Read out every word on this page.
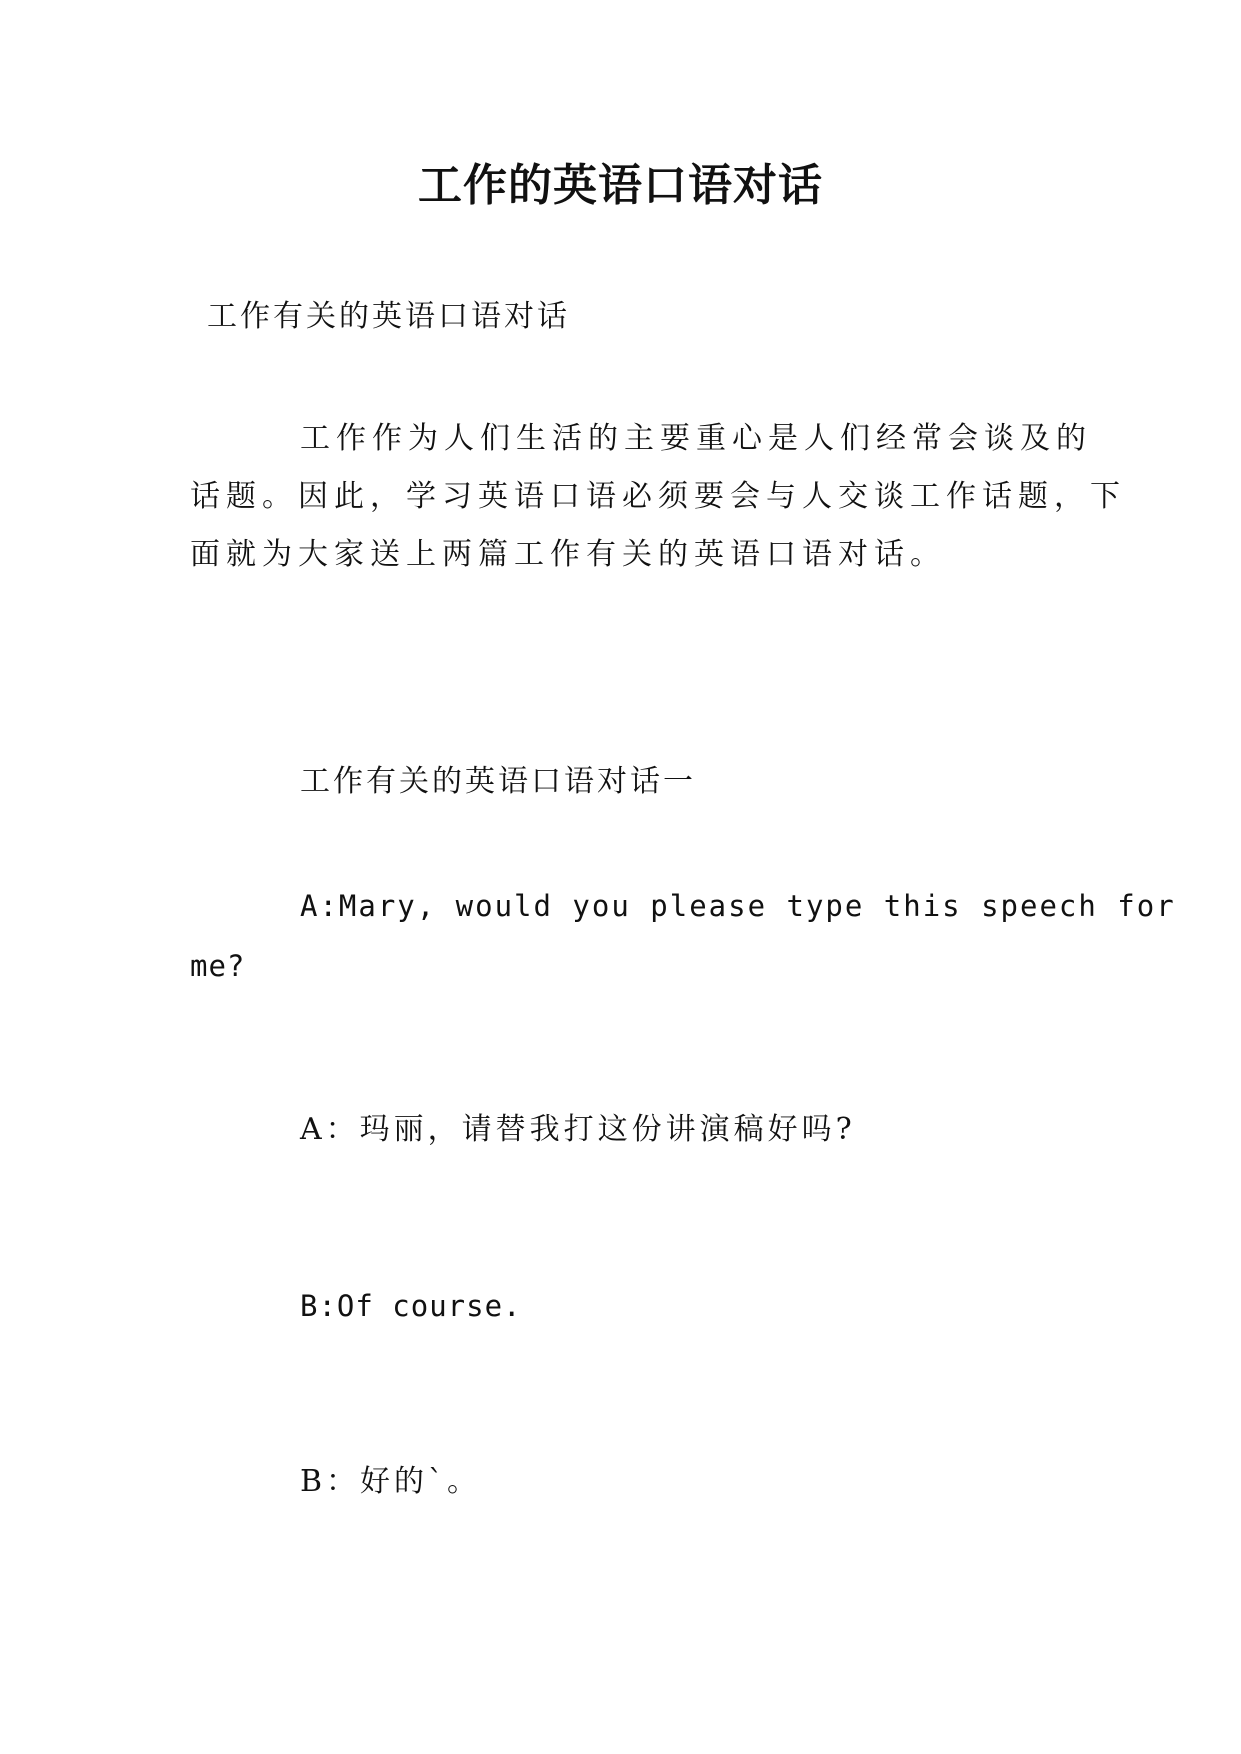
工作的英语口语对话
工作有关的英语口语对话
工作作为人们生活的主要重心是人们经常会谈及的
话题。因此，学习英语口语必须要会与人交谈工作话题，下
面就为大家送上两篇工作有关的英语口语对话。
工作有关的英语口语对话一
A:Mary, would you please type this speech for
me?
A：玛丽，请替我打这份讲演稿好吗?
B:Of course.
B：好的`。
